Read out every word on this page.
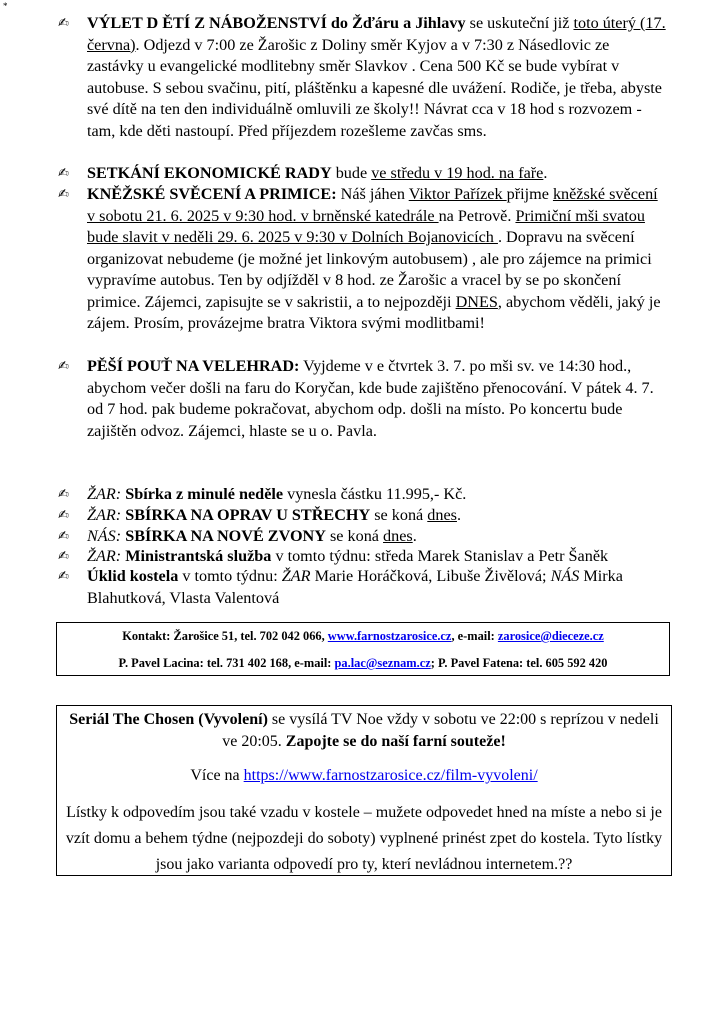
*
✍	VÝLET D ĚTÍ Z NÁBOŽENSTVÍ do Žďáru a Jihlavy se uskuteční již toto úterý (17. června). Odjezd v 7:00 ze Žarošic z Doliny směr Kyjov a v 7:30 z Násedlovic ze zastávky u evangelické modlitebny směr Slavkov . Cena 500 Kč se bude vybírat v autobuse. S sebou svačinu, pití, pláštěnku a kapesné dle uvážení. Rodiče, je třeba, abyste své dítě na ten den individuálně omluvili ze školy!! Návrat cca v 18 hod s rozvozem - tam, kde děti nastoupí. Před příjezdem rozešleme zavčas sms.
✍	SETKÁNÍ EKONOMICKÉ RADY bude ve středu v 19 hod. na faře.
✍	KNĚŽSKÉ SVĚCENÍ A PRIMICE: Náš jáhen Viktor Pařízek přijme kněžské svěcení v sobotu 21. 6. 2025 v 9:30 hod. v brněnské katedrále na Petrově. Primiční mši svatou bude slavit v neděli 29. 6. 2025 v 9:30 v Dolních Bojanovicích . Dopravu na svěcení organizovat nebudeme (je možné jet linkovým autobusem) , ale pro zájemce na primici vypravíme autobus. Ten by odjížděl v 8 hod. ze Žarošic a vracel by se po skončení primice. Zájemci, zapisujte se v sakristii, a to nejpozději DNES, abychom věděli, jaký je zájem. Prosím, provázejme bratra Viktora svými modlitbami!
✍	PĚŠÍ POUŤ NA VELEHRAD: Vyjdeme v e čtvrtek 3. 7. po mši sv. ve 14:30 hod., abychom večer došli na faru do Koryčan, kde bude zajištěno přenocování. V pátek 4. 7. od 7 hod. pak budeme pokračovat, abychom odp. došli na místo. Po koncertu bude zajištěn odvoz. Zájemci, hlaste se u o. Pavla.
✍	ŽAR: Sbírka z minulé neděle vynesla částku 11.995,- Kč.
✍	ŽAR: SBÍRKA NA OPRAV U STŘECHY se koná dnes.
✍	NÁS: SBÍRKA NA NOVÉ ZVONY se koná dnes.
✍	ŽAR: Ministrantská služba v tomto týdnu: středa Marek Stanislav a Petr Šaněk
✍	Úklid kostela v tomto týdnu: ŽAR Marie Horáčková, Libuše Živělová; NÁS Mirka Blahutková, Vlasta Valentová
Kontakt: Žarošice 51, tel. 702 042 066, www.farnostzarosice.cz, e-mail: zarosice@dieceze.cz
P. Pavel Lacina: tel. 731 402 168, e-mail: pa.lac@seznam.cz; P. Pavel Fatena: tel. 605 592 420

Seriál The Chosen (Vyvolení) se vysílá TV Noe vždy v sobotu ve 22:00 s reprízou v nedeli ve 20:05. Zapojte se do naší farní souteže!

Více na https://www.farnostzarosice.cz/film-vyvoleni/

Lístky k odpovedím jsou také vzadu v kostele – mužete odpovedet hned na míste a nebo si je vzít domu a behem týdne (nejpozdeji do soboty) vyplnené prinést zpet do kostela. Tyto lístky jsou jako varianta odpovedí pro ty, kterí nevládnou internetem.??
